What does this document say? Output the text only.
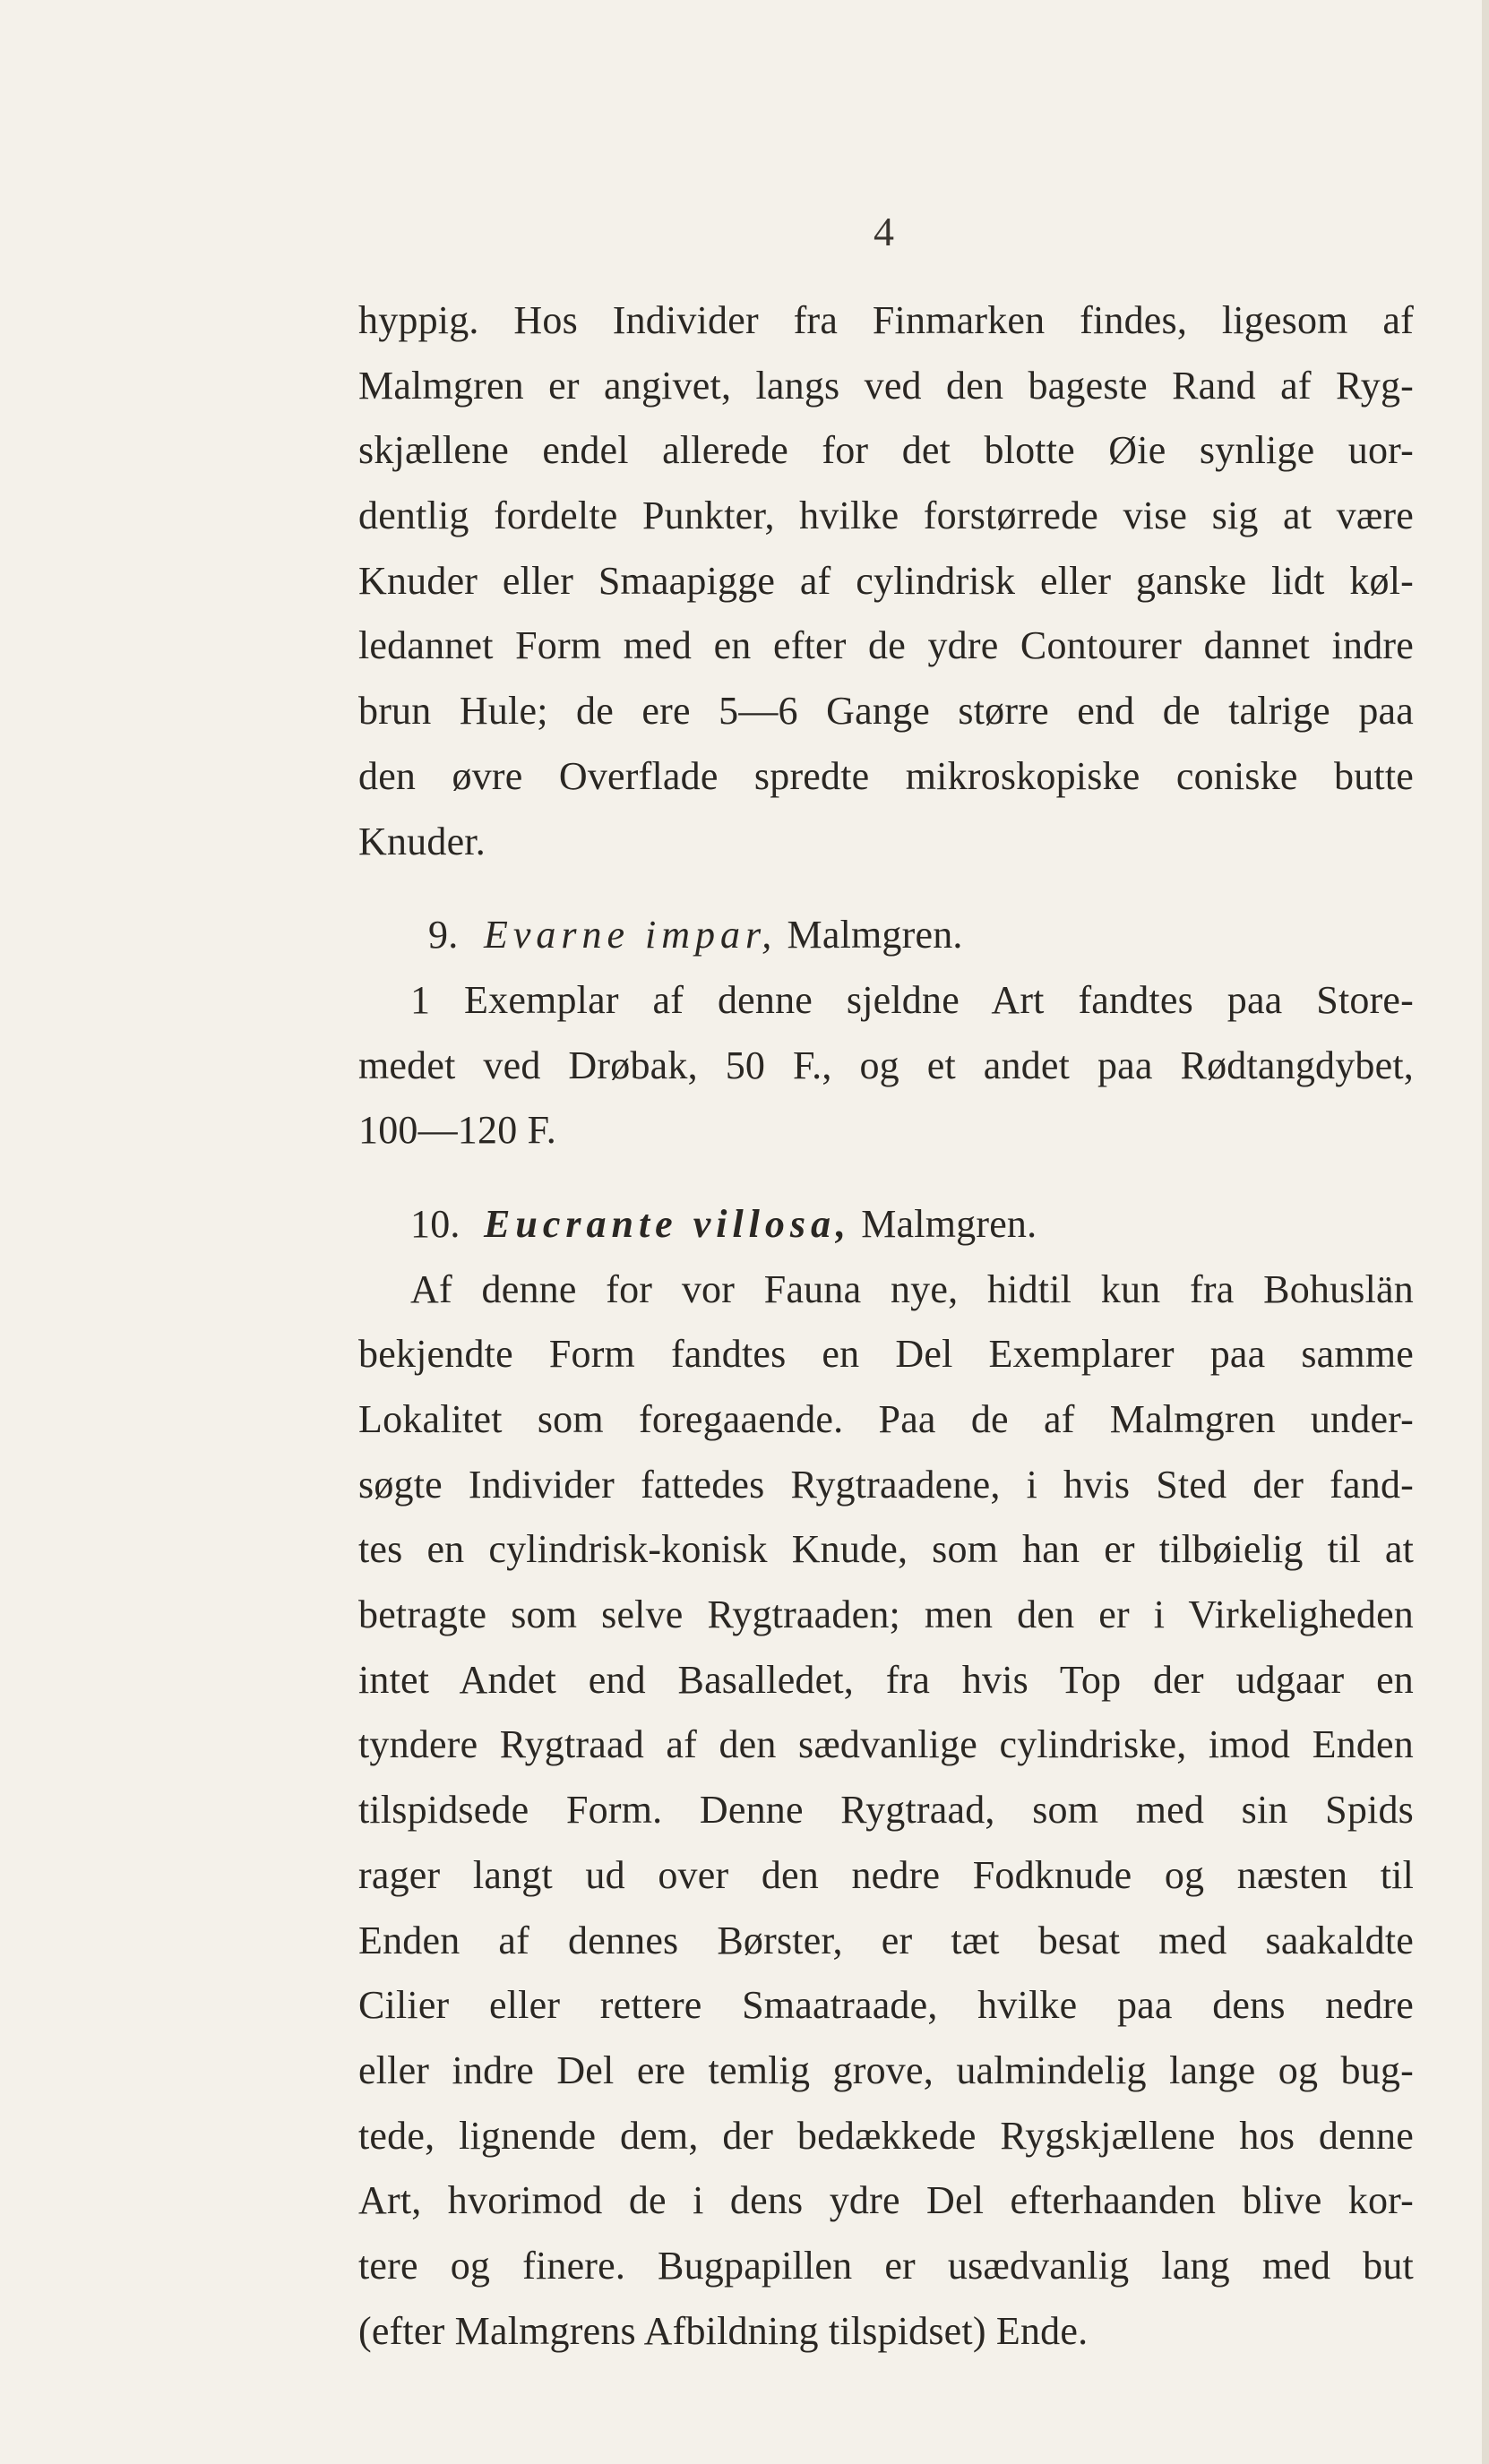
4
hyppig. Hos Individer fra Finmarken findes, ligesom af
Malmgren er angivet, langs ved den bageste Rand af Ryg-
skjællene endel allerede for det blotte Øie synlige uor-
dentlig fordelte Punkter, hvilke forstørrede vise sig at være
Knuder eller Smaapigge af cylindrisk eller ganske lidt køl-
ledannet Form med en efter de ydre Contourer dannet indre
brun Hule; de ere 5—6 Gange større end de talrige paa
den øvre Overflade spredte mikroskopiske coniske butte
Knuder.
9. Evarne impar, Malmgren.
1 Exemplar af denne sjeldne Art fandtes paa Store-
medet ved Drøbak, 50 F., og et andet paa Rødtangdybet,
100—120 F.
10. Eucrante villosa, Malmgren.
Af denne for vor Fauna nye, hidtil kun fra Bohuslän
bekjendte Form fandtes en Del Exemplarer paa samme
Lokalitet som foregaaende. Paa de af Malmgren under-
søgte Individer fattedes Rygtraadene, i hvis Sted der fand-
tes en cylindrisk-konisk Knude, som han er tilbøielig til at
betragte som selve Rygtraaden; men den er i Virkeligheden
intet Andet end Basalledet, fra hvis Top der udgaar en
tyndere Rygtraad af den sædvanlige cylindriske, imod Enden
tilspidsede Form. Denne Rygtraad, som med sin Spids
rager langt ud over den nedre Fodknude og næsten til
Enden af dennes Børster, er tæt besat med saakaldte
Cilier eller rettere Smaatraade, hvilke paa dens nedre
eller indre Del ere temlig grove, ualmindelig lange og bug-
tede, lignende dem, der bedækkede Rygskjællene hos denne
Art, hvorimod de i dens ydre Del efterhaanden blive kor-
tere og finere. Bugpapillen er usædvanlig lang med but
(efter Malmgrens Afbildning tilspidset) Ende.
